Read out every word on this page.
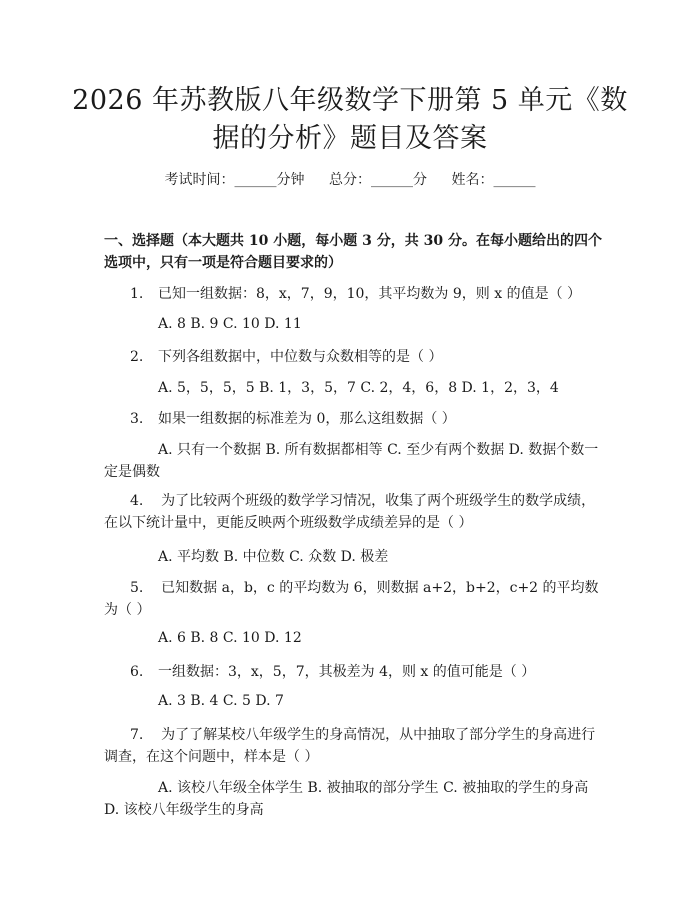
2026 年苏教版八年级数学下册第 5 单元《数
据的分析》题目及答案
考试时间：______分钟 总分：______分 姓名：______
一、选择题（本大题共 10 小题，每小题 3 分，共 30 分。在每小题给出的四个选项中，只有一项是符合题目要求的）
1. 已知一组数据：8，x，7，9，10，其平均数为 9，则 x 的值是（ ）
A. 8 B. 9 C. 10 D. 11
2. 下列各组数据中，中位数与众数相等的是（ ）
A. 5，5，5，5 B. 1，3，5，7 C. 2，4，6，8 D. 1，2，3，4
3. 如果一组数据的标准差为 0，那么这组数据（ ）
A. 只有一个数据 B. 所有数据都相等 C. 至少有两个数据 D. 数据个数一定是偶数
4. 为了比较两个班级的数学学习情况，收集了两个班级学生的数学成绩，在以下统计量中，更能反映两个班级数学成绩差异的是（ ）
A. 平均数 B. 中位数 C. 众数 D. 极差
5. 已知数据 a，b，c 的平均数为 6，则数据 a+2，b+2，c+2 的平均数为（ ）
A. 6 B. 8 C. 10 D. 12
6. 一组数据：3，x，5，7，其极差为 4，则 x 的值可能是（ ）
A. 3 B. 4 C. 5 D. 7
7. 为了了解某校八年级学生的身高情况，从中抽取了部分学生的身高进行调查，在这个问题中，样本是（ ）
A. 该校八年级全体学生 B. 被抽取的部分学生 C. 被抽取的学生的身高 D. 该校八年级学生的身高
